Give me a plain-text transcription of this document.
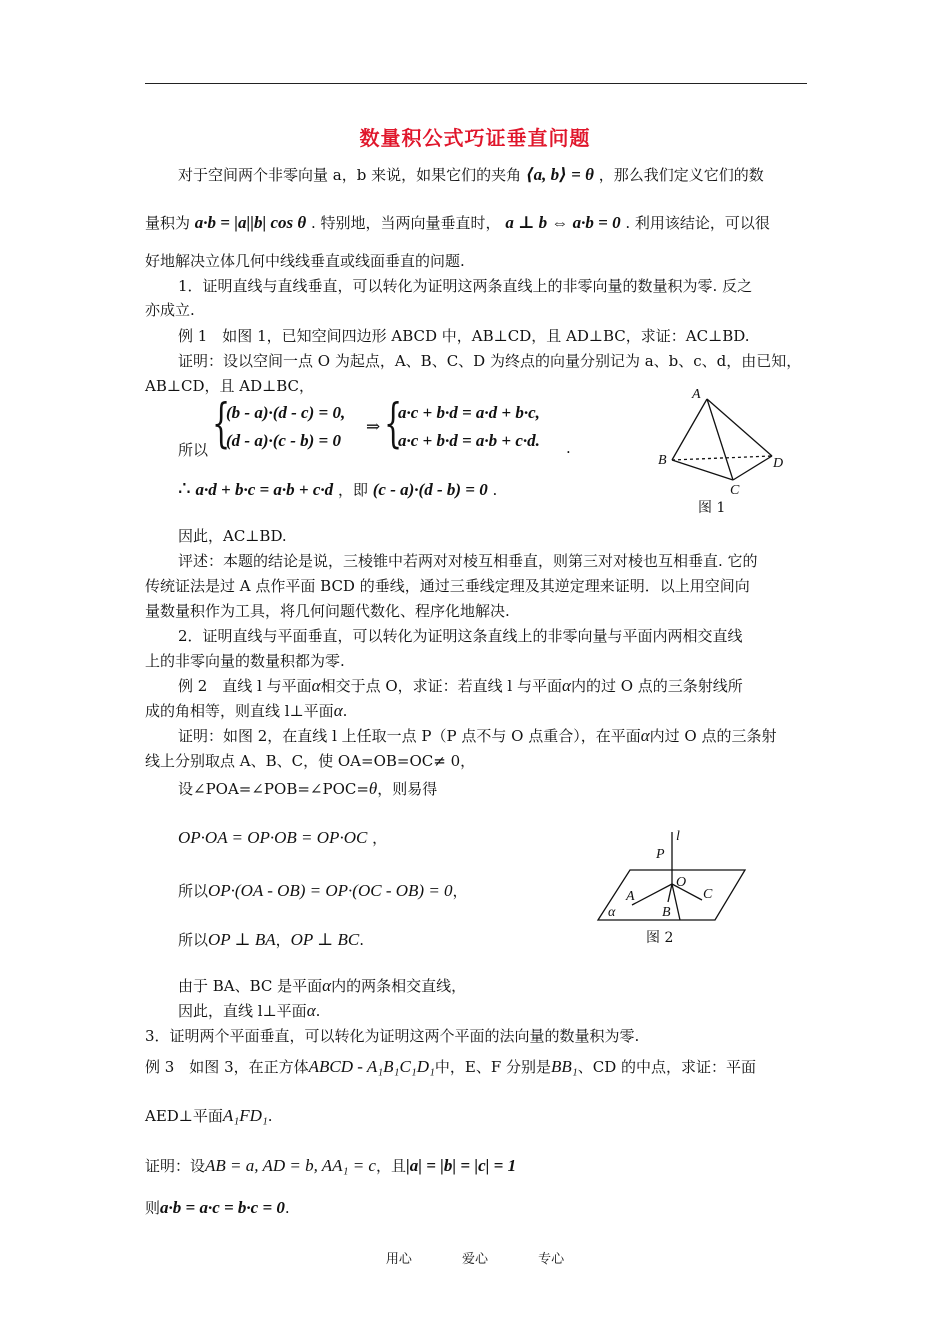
数量积公式巧证垂直问题
对于空间两个非零向量 a，b 来说，如果它们的夹角 ⟨a, b⟩ = θ ，那么我们定义它们的数
量积为 a·b = |a||b| cos θ . 特别地，当两向量垂直时， a ⊥ b ⇔ a·b = 0 . 利用该结论，可以很
好地解决立体几何中线线垂直或线面垂直的问题.
1．证明直线与直线垂直，可以转化为证明这两条直线上的非零向量的数量积为零. 反之
亦成立.
例 1　如图 1，已知空间四边形 ABCD 中，AB⊥CD，且 AD⊥BC，求证：AC⊥BD.
证明：设以空间一点 O 为起点，A、B、C、D 为终点的向量分别记为 a、b、c、d，由已知，
AB⊥CD，且 AD⊥BC，
所以 {
(b - a)·(d - c) = 0,
(d - a)·(c - b) = 0
⇒ {
a·c + b·d = a·d + b·c,
a·c + b·d = a·b + c·d. .
∴ a·d + b·c = a·b + c·d ，即 (c - a)·(d - b) = 0 .
因此，AC⊥BD.
评述：本题的结论是说，三棱锥中若两对对棱互相垂直，则第三对对棱也互相垂直. 它的
传统证法是过 A 点作平面 BCD 的垂线，通过三垂线定理及其逆定理来证明．以上用空间向
量数量积作为工具，将几何问题代数化、程序化地解决.
A
B
C
D
图 1
2．证明直线与平面垂直，可以转化为证明这条直线上的非零向量与平面内两相交直线
上的非零向量的数量积都为零.
例 2　直线 l 与平面α相交于点 O，求证：若直线 l 与平面α内的过 O 点的三条射线所
成的角相等，则直线 l⊥平面α.
证明：如图 2，在直线 l 上任取一点 P（P 点不与 O 点重合），在平面α内过 O 点的三条射
线上分别取点 A、B、C，使 OA=OB=OC≠ 0，
设∠POA=∠POB=∠POC=θ，则易得
OP·OA = OP·OB = OP·OC ，
所以OP·(OA - OB) = OP·(OC - OB) = 0，
所以OP ⊥ BA，OP ⊥ BC.
由于 BA、BC 是平面α内的两条相交直线，
因此，直线 l⊥平面α.
l
P
O
A
B
C
α
图 2
3．证明两个平面垂直，可以转化为证明这两个平面的法向量的数量积为零.
例 3　如图 3，在正方体ABCD - A₁B₁C₁D₁中，E、F 分别是BB₁、CD 的中点，求证：平面
AED⊥平面A₁FD₁.
证明：设AB = a, AD = b, AA₁ = c，且|a| = |b| = |c| = 1
则a·b = a·c = b·c = 0.
用心	爱心	专心
